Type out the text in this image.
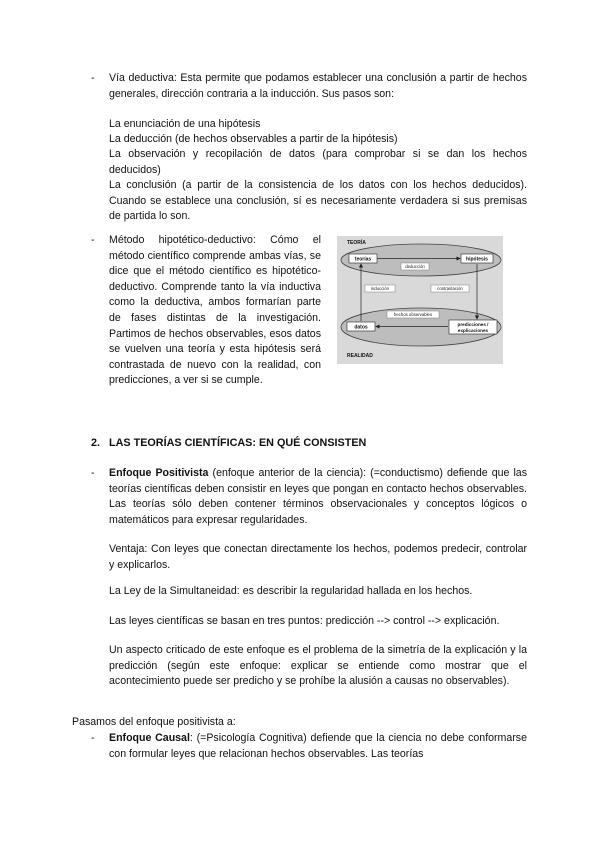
- Vía deductiva: Esta permite que podamos establecer una conclusión a partir de hechos generales, dirección contraria a la inducción. Sus pasos son:

La enunciación de una hipótesis

La deducción (de hechos observables a partir de la hipótesis)

La observación y recopilación de datos (para comprobar si se dan los hechos deducidos)

La conclusión (a partir de la consistencia de los datos con los hechos deducidos). Cuando se establece una conclusión, sí es necesariamente verdadera si sus premisas de partida lo son.

- Método hipotético-deductivo: Cómo el método científico comprende ambas vías, se dice que el método científico es hipotético-deductivo. Comprende tanto la vía inductiva como la deductiva, ambos formarían parte de fases distintas de la investigación. Partimos de hechos observables, esos datos se vuelven una teoría y esta hipótesis será contrastada de nuevo con la realidad, con predicciones, a ver si se cumple.

TEORÍA
REALIDAD
teorías	hipótesis
deducción
datos	predicciones /
explicaciones
hechos observables
inducción	contrastación
2. LAS TEORÍAS CIENTÍFICAS: EN QUÉ CONSISTEN
- Enfoque Positivista (enfoque anterior de la ciencia): (=conductismo) defiende que las teorías científicas deben consistir en leyes que pongan en contacto hechos observables. Las teorías sólo deben contener términos observacionales y conceptos lógicos o matemáticos para expresar regularidades.

Ventaja: Con leyes que conectan directamente los hechos, podemos predecir, controlar y explicarlos.

La Ley de la Simultaneidad: es describir la regularidad hallada en los hechos.

Las leyes científicas se basan en tres puntos: predicción --> control --> explicación.

Un aspecto criticado de este enfoque es el problema de la simetría de la explicación y la predicción (según este enfoque: explicar se entiende como mostrar que el acontecimiento puede ser predicho y se prohíbe la alusión a causas no observables).

Pasamos del enfoque positivista a:

- Enfoque Causal: (=Psicología Cognitiva) defiende que la ciencia no debe conformarse con formular leyes que relacionan hechos observables. Las teorías
